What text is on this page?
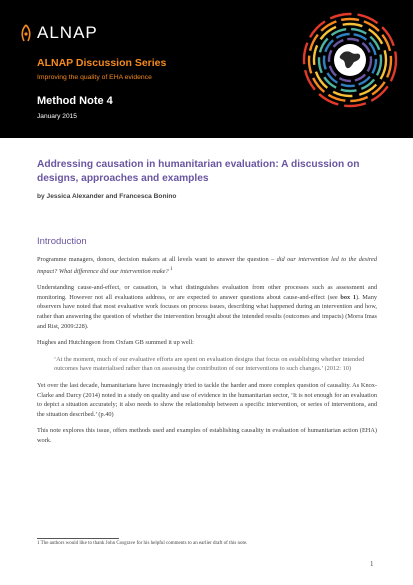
ALNAP
ALNAP Discussion Series
Improving the quality of EHA evidence
Method Note 4
January 2015
Addressing causation in humanitarian evaluation: A discussion on
designs, approaches and examples
by Jessica Alexander and Francesca Bonino
Introduction

Programme managers, donors, decision makers at all levels want to answer the question – did our intervention led to the desired impact? What difference did our intervention make? $^1$

Understanding cause-and-effect, or causation, is what distinguishes evaluation from other processes such as assessment and monitoring. However not all evaluations address, or are expected to answer questions about cause-and-effect (see box 1). Many observers have noted that most evaluative work focuses on process issues, describing what happened during an intervention and how, rather than answering the question of whether the intervention brought about the intended results (outcomes and impacts) (Morra Imas and Rist, 2009:228).

Hughes and Hutchingson from Oxfam GB summed it up well:

‘At the moment, much of our evaluative efforts are spent on evaluation designs that focus on establishing whether intended outcomes have materialised rather than on assessing the contribution of our interventions to such changes.’ (2012: 10)

Yet over the last decade, humanitarians have increasingly tried to tackle the harder and more complex question of causality. As Knox-Clarke and Darcy (2014) noted in a study on quality and use of evidence in the humanitarian sector, ‘It is not enough for an evaluation to depict a situation accurately; it also needs to show the relationship between a specific intervention, or series of interventions, and the situation described.’ (p.40)

This note explores this issue, offers methods used and examples of establishing causality in evaluation of humanitarian action (EHA) work.

1 The authors would like to thank John Cosgrave for his helpful comments to an earlier draft of this note.
1
